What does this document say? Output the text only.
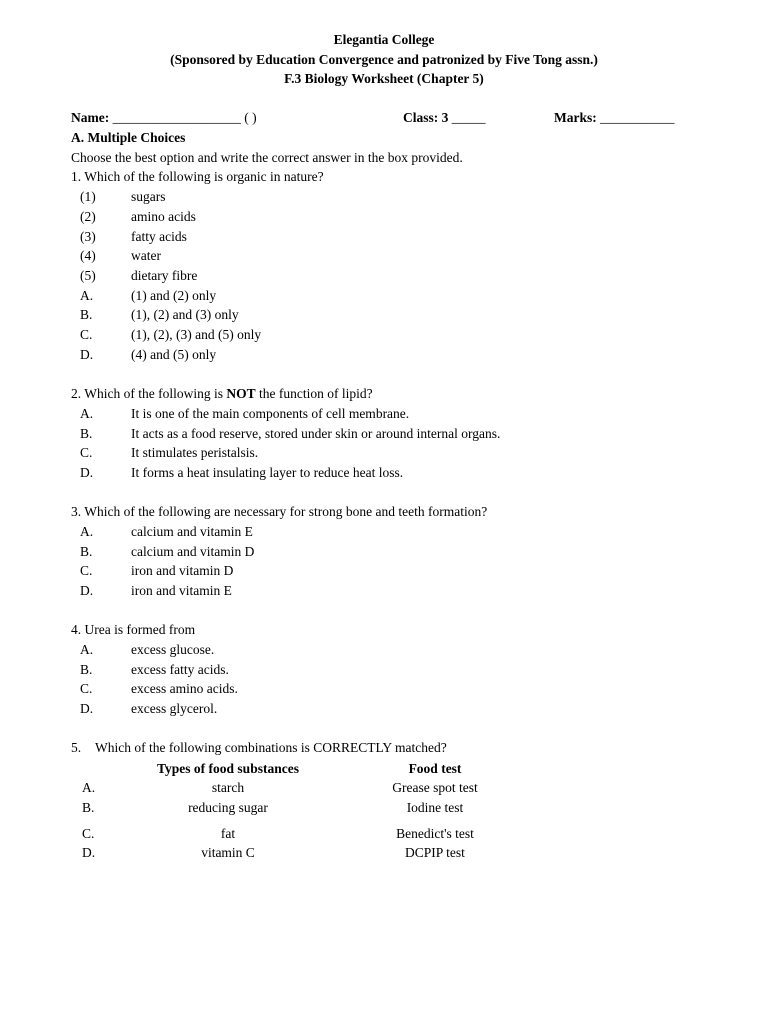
Elegantia College
(Sponsored by Education Convergence and patronized by Five Tong assn.)
F.3 Biology Worksheet (Chapter 5)
Name: ___________________ ( )	Class: 3 _____	Marks: ___________
A. Multiple Choices
Choose the best option and write the correct answer in the box provided.
1. Which of the following is organic in nature?
(1)	sugars
(2)	amino acids
(3)	fatty acids
(4)	water
(5)	dietary fibre
A.	(1) and (2) only
B.	(1), (2) and (3) only
C.	(1), (2), (3) and (5) only
D.	(4) and (5) only
2. Which of the following is NOT the function of lipid?
A.	It is one of the main components of cell membrane.
B.	It acts as a food reserve, stored under skin or around internal organs.
C.	It stimulates peristalsis.
D.	It forms a heat insulating layer to reduce heat loss.
3. Which of the following are necessary for strong bone and teeth formation?
A.	calcium and vitamin E
B.	calcium and vitamin D
C.	iron and vitamin D
D.	iron and vitamin E
4. Urea is formed from
A.	excess glucose.
B.	excess fatty acids.
C.	excess amino acids.
D.	excess glycerol.
5. Which of the following combinations is CORRECTLY matched?
Types of food substances	Food test
A.	starch	Grease spot test
B.	reducing sugar	Iodine test
C.	fat	Benedict's test
D.	vitamin C	DCPIP test
